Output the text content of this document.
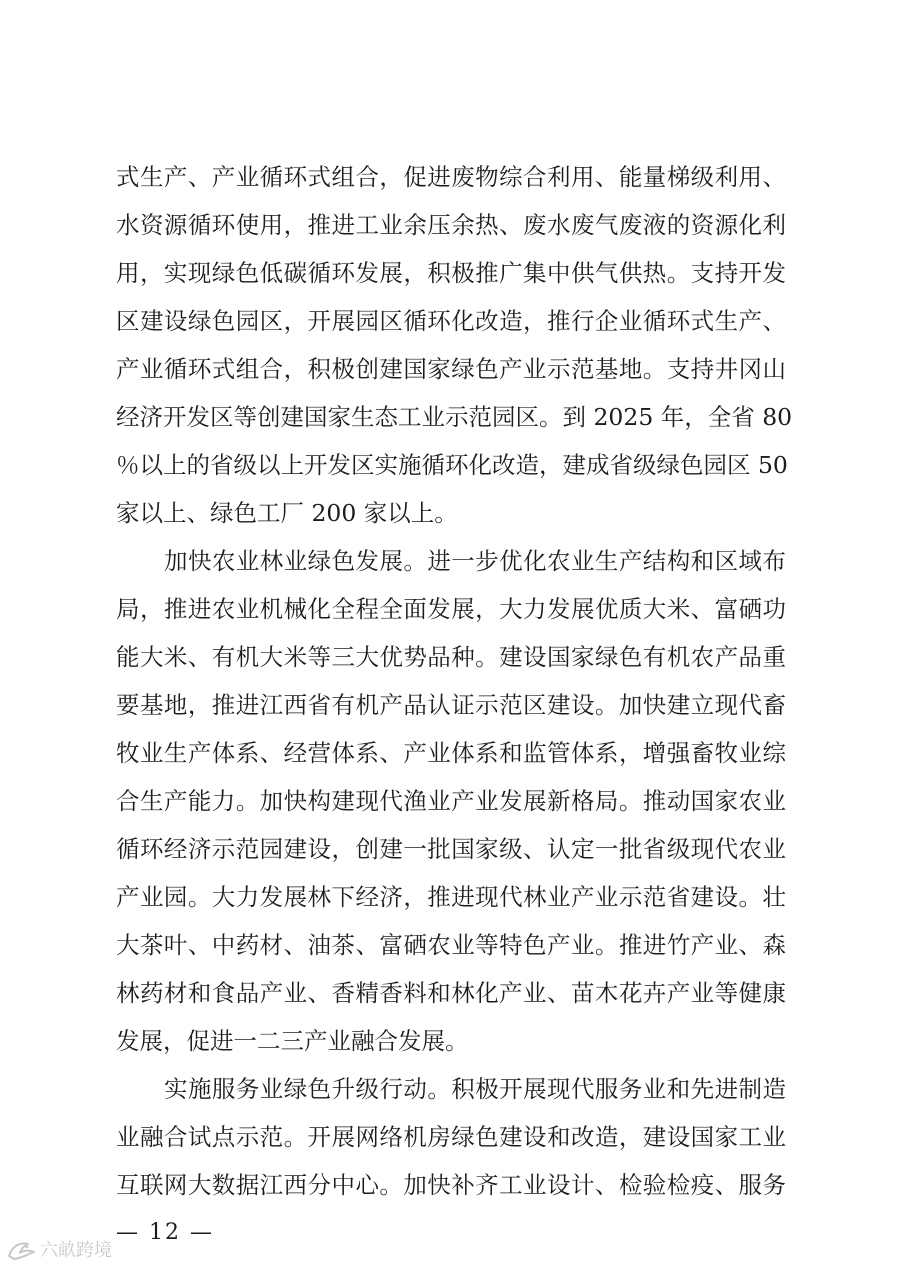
式生产、产业循环式组合，促进废物综合利用、能量梯级利用、
水资源循环使用，推进工业余压余热、废水废气废液的资源化利
用，实现绿色低碳循环发展，积极推广集中供气供热。支持开发
区建设绿色园区，开展园区循环化改造，推行企业循环式生产、
产业循环式组合，积极创建国家绿色产业示范基地。支持井冈山
经济开发区等创建国家生态工业示范园区。到 2025 年，全省 80
％以上的省级以上开发区实施循环化改造，建成省级绿色园区 50
家以上、绿色工厂 200 家以上。
加快农业林业绿色发展。进一步优化农业生产结构和区域布
局，推进农业机械化全程全面发展，大力发展优质大米、富硒功
能大米、有机大米等三大优势品种。建设国家绿色有机农产品重
要基地，推进江西省有机产品认证示范区建设。加快建立现代畜
牧业生产体系、经营体系、产业体系和监管体系，增强畜牧业综
合生产能力。加快构建现代渔业产业发展新格局。推动国家农业
循环经济示范园建设，创建一批国家级、认定一批省级现代农业
产业园。大力发展林下经济，推进现代林业产业示范省建设。壮
大茶叶、中药材、油茶、富硒农业等特色产业。推进竹产业、森
林药材和食品产业、香精香料和林化产业、苗木花卉产业等健康
发展，促进一二三产业融合发展。
实施服务业绿色升级行动。积极开展现代服务业和先进制造
业融合试点示范。开展网络机房绿色建设和改造，建设国家工业
互联网大数据江西分中心。加快补齐工业设计、检验检疫、服务
— 12 —
六畝跨境
